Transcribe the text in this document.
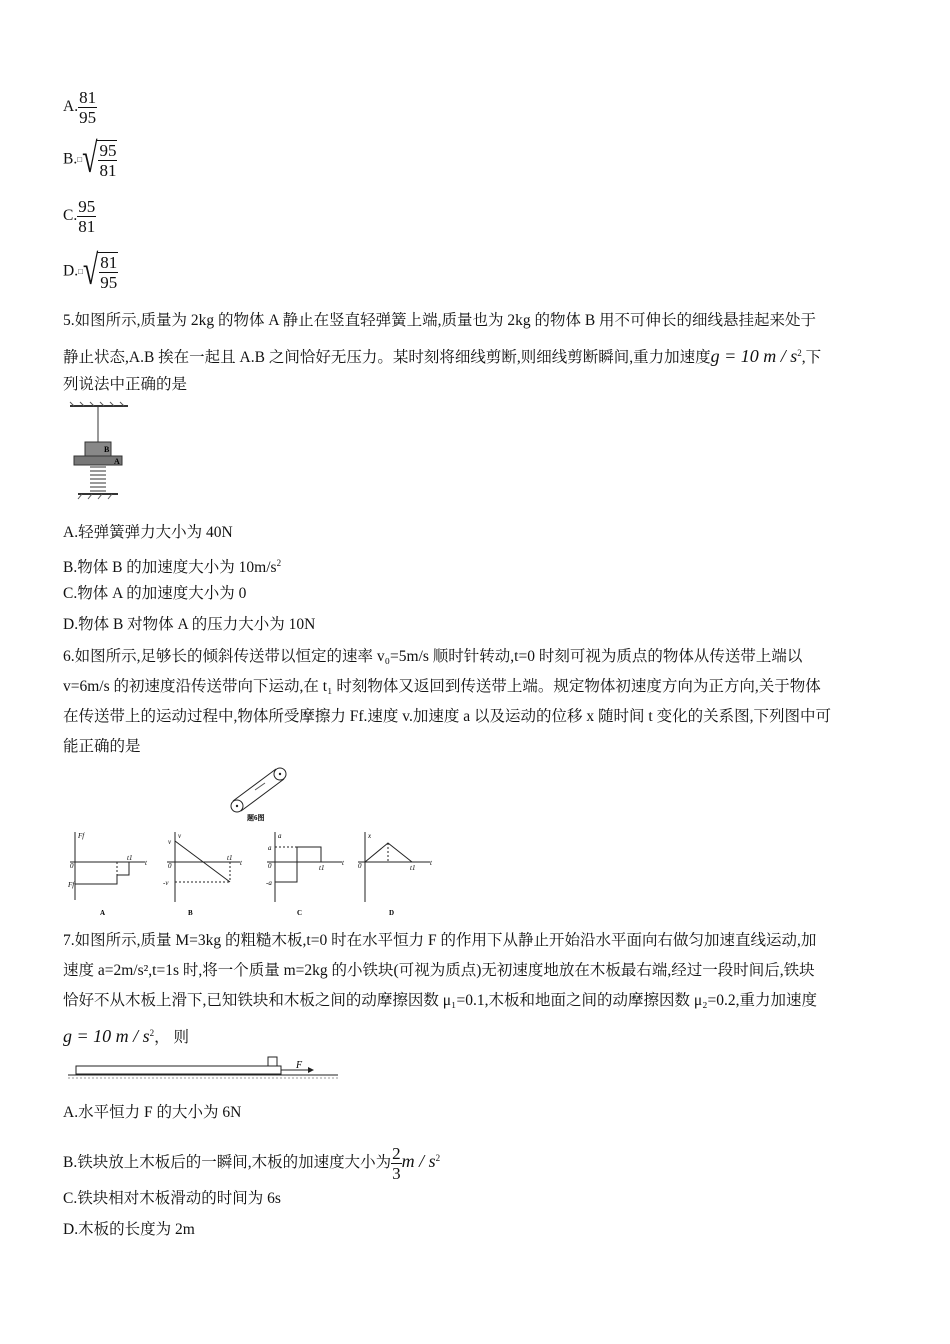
A. $\frac{81}{95}$
B. □ √ $\frac{95}{81}$
C. $\frac{95}{81}$
D. □ √ $\frac{81}{95}$
5.如图所示,质量为 2kg 的物体 A 静止在竖直轻弹簧上端,质量也为 2kg 的物体 B 用不可伸长的细线悬挂起来处于
静止状态,A.B 挨在一起且 A.B 之间恰好无压力。某时刻将细线剪断,则细线剪断瞬间,重力加速度g = 10 m / $s^2$,下
列说法中正确的是
B
A
A.轻弹簧弹力大小为 40N
B.物体 B 的加速度大小为 $10m/s^2$
C.物体 A 的加速度大小为 0
D.物体 B 对物体 A 的压力大小为 10N
6.如图所示,足够长的倾斜传送带以恒定的速率 v₀=5m/s 顺时针转动,t=0 时刻可视为质点的物体从传送带上端以
v=6m/s 的初速度沿传送带向下运动,在 t₁ 时刻物体又返回到传送带上端。规定物体初速度方向为正方向,关于物体
在传送带上的运动过程中,物体所受摩擦力 Ff.速度 v.加速度 a 以及运动的位移 x 随时间 t 变化的关系图,下列图中可
能正确的是
题6图
Ff
0	t
Ff
t1
A
v
0	t
v
-v
t1
B
a
0	t
a
-a
t1
C
x
0	t
t1
D
7.如图所示,质量 M=3kg 的粗糙木板,t=0 时在水平恒力 F 的作用下从静止开始沿水平面向右做匀加速直线运动,加
速度 a=2m/s²,t=1s 时,将一个质量 m=2kg 的小铁块(可视为质点)无初速度地放在木板最右端,经过一段时间后,铁块
恰好不从木板上滑下,已知铁块和木板之间的动摩擦因数 μ₁=0.1,木板和地面之间的动摩擦因数 μ₂=0.2,重力加速度
g = 10 m / $s^2$， 则
F
A.水平恒力 F 的大小为 6N
B.铁块放上木板后的一瞬间,木板的加速度大小为 $\frac{2}{3}$ m / $s^2$
C.铁块相对木板滑动的时间为 6s
D.木板的长度为 2m
